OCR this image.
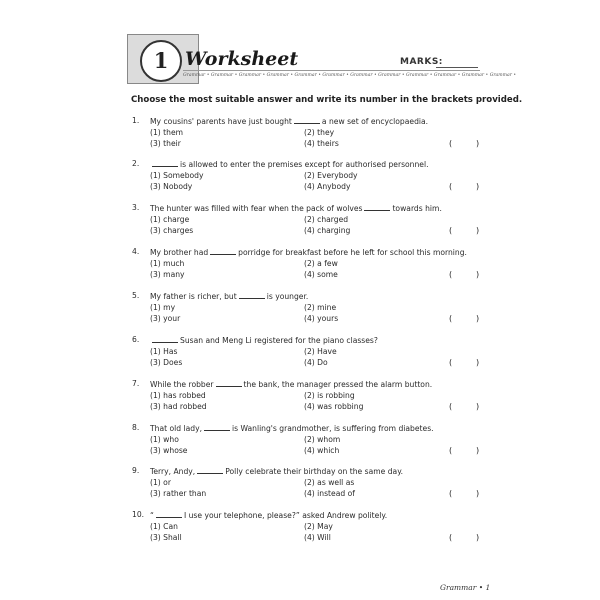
1 Worksheet	MARKS:
Grammar • Grammar • Grammar • Grammar • Grammar • Grammar • Grammar • Grammar • Grammar • Grammar • Grammar • Grammar •
Choose the most suitable answer and write its number in the brackets provided.
1. My cousins' parents have just bought	a new set of encyclopaedia.
(1) them	(2) they
(3) their	(4) theirs	(	)
2.	is allowed to enter the premises except for authorised personnel.
(1) Somebody	(2) Everybody
(3) Nobody	(4) Anybody	(	)
3. The hunter was filled with fear when the pack of wolves	towards him.
(1) charge	(2) charged
(3) charges	(4) charging	(	)
4. My brother had	porridge for breakfast before he left for school this morning.
(1) much	(2) a few
(3) many	(4) some	(	)
5. My father is richer, but	is younger.
(1) my	(2) mine
(3) your	(4) yours	(	)
6.	Susan and Meng Li registered for the piano classes?
(1) Has	(2) Have
(3) Does	(4) Do	(	)
7. While the robber	the bank, the manager pressed the alarm button.
(1) has robbed	(2) is robbing
(3) had robbed	(4) was robbing	(	)
8. That old lady,	is Wanling's grandmother, is suffering from diabetes.
(1) who	(2) whom
(3) whose	(4) which	(	)
9. Terry, Andy,	Polly celebrate their birthday on the same day.
(1) or	(2) as well as
(3) rather than	(4) instead of	(	)
10. “	I use your telephone, please?” asked Andrew politely.
(1) Can	(2) May
(3) Shall	(4) Will	(	)
Grammar • 1
